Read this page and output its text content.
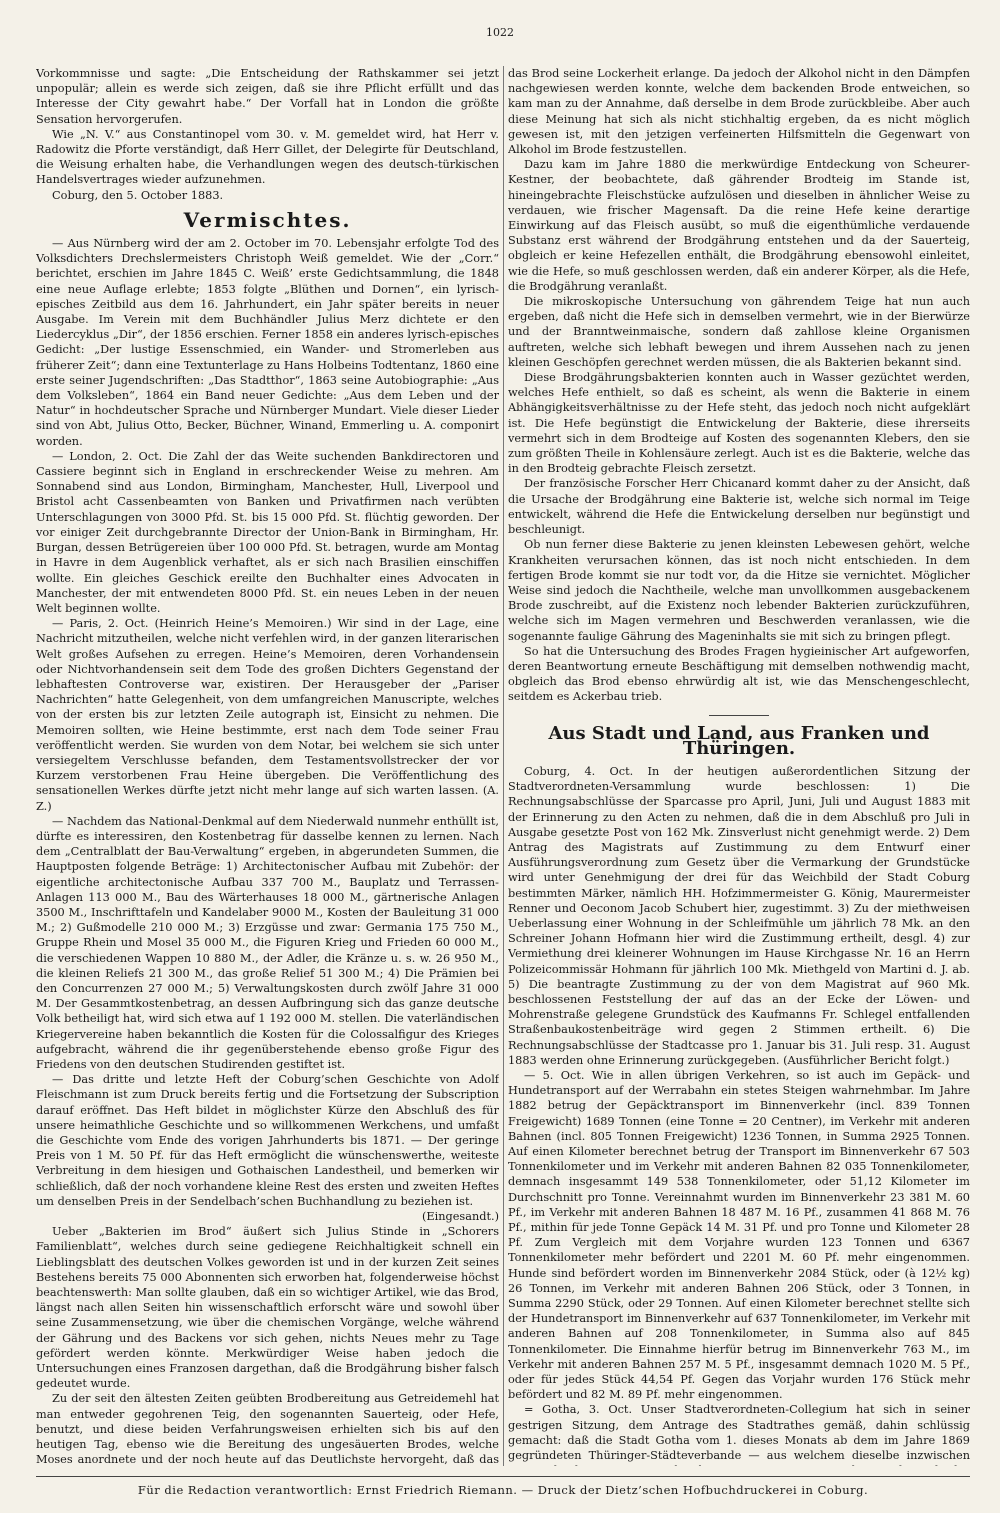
1022

Vorkommnisse und sagte: „Die Entscheidung der Rathskammer sei jetzt unpopulär; allein es werde sich zeigen, daß sie ihre Pflicht erfüllt und das Interesse der City gewahrt habe.“ Der Vorfall hat in London die größte Sensation hervorgerufen.

Wie „N. V.“ aus Constantinopel vom 30. v. M. gemeldet wird, hat Herr v. Radowitz die Pforte verständigt, daß Herr Gillet, der Delegirte für Deutschland, die Weisung erhalten habe, die Verhandlungen wegen des deutsch-türkischen Handelsvertrages wieder aufzunehmen.

Coburg, den 5. October 1883.

Vermischtes.

— Aus Nürnberg wird der am 2. October im 70. Lebensjahr erfolgte Tod des Volksdichters Drechslermeisters Christoph Weiß gemeldet. Wie der „Corr.“ berichtet, erschien im Jahre 1845 C. Weiß’ erste Gedichtsammlung, die 1848 eine neue Auflage erlebte; 1853 folgte „Blüthen und Dornen“, ein lyrisch-episches Zeitbild aus dem 16. Jahrhundert, ein Jahr später bereits in neuer Ausgabe. Im Verein mit dem Buchhändler Julius Merz dichtete er den Liedercyklus „Dir“, der 1856 erschien. Ferner 1858 ein anderes lyrisch-episches Gedicht: „Der lustige Essenschmied, ein Wander- und Stromerleben aus früherer Zeit“; dann eine Textunterlage zu Hans Holbeins Todtentanz, 1860 eine erste seiner Jugendschriften: „Das Stadtthor“, 1863 seine Autobiographie: „Aus dem Volksleben“, 1864 ein Band neuer Gedichte: „Aus dem Leben und der Natur“ in hochdeutscher Sprache und Nürnberger Mundart. Viele dieser Lieder sind von Abt, Julius Otto, Becker, Büchner, Winand, Emmerling u. A. componirt worden.

— London, 2. Oct. Die Zahl der das Weite suchenden Bankdirectoren und Cassiere beginnt sich in England in erschreckender Weise zu mehren. Am Sonnabend sind aus London, Birmingham, Manchester, Hull, Liverpool und Bristol acht Cassenbeamten von Banken und Privatfirmen nach verübten Unterschlagungen von 3000 Pfd. St. bis 15 000 Pfd. St. flüchtig geworden. Der vor einiger Zeit durchgebrannte Director der Union-Bank in Birmingham, Hr. Burgan, dessen Betrügereien über 100 000 Pfd. St. betragen, wurde am Montag in Havre in dem Augenblick verhaftet, als er sich nach Brasilien einschiffen wollte. Ein gleiches Geschick ereilte den Buchhalter eines Advocaten in Manchester, der mit entwendeten 8000 Pfd. St. ein neues Leben in der neuen Welt beginnen wollte.

— Paris, 2. Oct. (Heinrich Heine’s Memoiren.) Wir sind in der Lage, eine Nachricht mitzutheilen, welche nicht verfehlen wird, in der ganzen literarischen Welt großes Aufsehen zu erregen. Heine’s Memoiren, deren Vorhandensein oder Nichtvorhandensein seit dem Tode des großen Dichters Gegenstand der lebhaftesten Controverse war, existiren. Der Herausgeber der „Pariser Nachrichten“ hatte Gelegenheit, von dem umfangreichen Manuscripte, welches von der ersten bis zur letzten Zeile autograph ist, Einsicht zu nehmen. Die Memoiren sollten, wie Heine bestimmte, erst nach dem Tode seiner Frau veröffentlicht werden. Sie wurden von dem Notar, bei welchem sie sich unter versiegeltem Verschlusse befanden, dem Testamentsvollstrecker der vor Kurzem verstorbenen Frau Heine übergeben. Die Veröffentlichung des sensationellen Werkes dürfte jetzt nicht mehr lange auf sich warten lassen. (A. Z.)

— Nachdem das National-Denkmal auf dem Niederwald nunmehr enthüllt ist, dürfte es interessiren, den Kostenbetrag für dasselbe kennen zu lernen. Nach dem „Centralblatt der Bau-Verwaltung“ ergeben, in abgerundeten Summen, die Hauptposten folgende Beträge: 1) Architectonischer Aufbau mit Zubehör: der eigentliche architectonische Aufbau 337 700 M., Bauplatz und Terrassen-Anlagen 113 000 M., Bau des Wärterhauses 18 000 M., gärtnerische Anlagen 3500 M., Inschrifttafeln und Kandelaber 9000 M., Kosten der Bauleitung 31 000 M.; 2) Gußmodelle 210 000 M.; 3) Erzgüsse und zwar: Germania 175 750 M., Gruppe Rhein und Mosel 35 000 M., die Figuren Krieg und Frieden 60 000 M., die verschiedenen Wappen 10 880 M., der Adler, die Kränze u. s. w. 26 950 M., die kleinen Reliefs 21 300 M., das große Relief 51 300 M.; 4) Die Prämien bei den Concurrenzen 27 000 M.; 5) Verwaltungskosten durch zwölf Jahre 31 000 M. Der Gesammtkostenbetrag, an dessen Aufbringung sich das ganze deutsche Volk betheiligt hat, wird sich etwa auf 1 192 000 M. stellen. Die vaterländischen Kriegervereine haben bekanntlich die Kosten für die Colossalfigur des Krieges aufgebracht, während die ihr gegenüberstehende ebenso große Figur des Friedens von den deutschen Studirenden gestiftet ist.

— Das dritte und letzte Heft der Coburg’schen Geschichte von Adolf Fleischmann ist zum Druck bereits fertig und die Fortsetzung der Subscription darauf eröffnet. Das Heft bildet in möglichster Kürze den Abschluß des für unsere heimathliche Geschichte und so willkommenen Werkchens, und umfaßt die Geschichte vom Ende des vorigen Jahrhunderts bis 1871. — Der geringe Preis von 1 M. 50 Pf. für das Heft ermöglicht die wünschenswerthe, weiteste Verbreitung in dem hiesigen und Gothaischen Landestheil, und bemerken wir schließlich, daß der noch vorhandene kleine Rest des ersten und zweiten Heftes um denselben Preis in der Sendelbach’schen Buchhandlung zu beziehen ist.

(Eingesandt.)

Ueber „Bakterien im Brod“ äußert sich Julius Stinde in „Schorers Familienblatt“, welches durch seine gediegene Reichhaltigkeit schnell ein Lieblingsblatt des deutschen Volkes geworden ist und in der kurzen Zeit seines Bestehens bereits 75 000 Abonnenten sich erworben hat, folgenderweise höchst beachtenswerth: Man sollte glauben, daß ein so wichtiger Artikel, wie das Brod, längst nach allen Seiten hin wissenschaftlich erforscht wäre und sowohl über seine Zusammensetzung, wie über die chemischen Vorgänge, welche während der Gährung und des Backens vor sich gehen, nichts Neues mehr zu Tage gefördert werden könnte. Merkwürdiger Weise haben jedoch die Untersuchungen eines Franzosen dargethan, daß die Brodgährung bisher falsch gedeutet wurde.

Zu der seit den ältesten Zeiten geübten Brodbereitung aus Getreidemehl hat man entweder gegohrenen Teig, den sogenannten Sauerteig, oder Hefe, benutzt, und diese beiden Verfahrungsweisen erhielten sich bis auf den heutigen Tag, ebenso wie die Bereitung des ungesäuerten Brodes, welche Moses anordnete und der noch heute auf das Deutlichste hervorgeht, daß das

das Brod seine Lockerheit erlange. Da jedoch der Alkohol nicht in den Dämpfen nachgewiesen werden konnte, welche dem backenden Brode entweichen, so kam man zu der Annahme, daß derselbe in dem Brode zurückbleibe. Aber auch diese Meinung hat sich als nicht stichhaltig ergeben, da es nicht möglich gewesen ist, mit den jetzigen verfeinerten Hilfsmitteln die Gegenwart von Alkohol im Brode festzustellen.

Dazu kam im Jahre 1880 die merkwürdige Entdeckung von Scheurer-Kestner, der beobachtete, daß gährender Brodteig im Stande ist, hineingebrachte Fleischstücke aufzulösen und dieselben in ähnlicher Weise zu verdauen, wie frischer Magensaft. Da die reine Hefe keine derartige Einwirkung auf das Fleisch ausübt, so muß die eigenthümliche verdauende Substanz erst während der Brodgährung entstehen und da der Sauerteig, obgleich er keine Hefezellen enthält, die Brodgährung ebensowohl einleitet, wie die Hefe, so muß geschlossen werden, daß ein anderer Körper, als die Hefe, die Brodgährung veranlaßt.

Die mikroskopische Untersuchung von gährendem Teige hat nun auch ergeben, daß nicht die Hefe sich in demselben vermehrt, wie in der Bierwürze und der Branntweinmaische, sondern daß zahllose kleine Organismen auftreten, welche sich lebhaft bewegen und ihrem Aussehen nach zu jenen kleinen Geschöpfen gerechnet werden müssen, die als Bakterien bekannt sind.

Diese Brodgährungsbakterien konnten auch in Wasser gezüchtet werden, welches Hefe enthielt, so daß es scheint, als wenn die Bakterie in einem Abhängigkeitsverhältnisse zu der Hefe steht, das jedoch noch nicht aufgeklärt ist. Die Hefe begünstigt die Entwickelung der Bakterie, diese ihrerseits vermehrt sich in dem Brodteige auf Kosten des sogenannten Klebers, den sie zum größten Theile in Kohlensäure zerlegt. Auch ist es die Bakterie, welche das in den Brodteig gebrachte Fleisch zersetzt.

Der französische Forscher Herr Chicanard kommt daher zu der Ansicht, daß die Ursache der Brodgährung eine Bakterie ist, welche sich normal im Teige entwickelt, während die Hefe die Entwickelung derselben nur begünstigt und beschleunigt.

Ob nun ferner diese Bakterie zu jenen kleinsten Lebewesen gehört, welche Krankheiten verursachen können, das ist noch nicht entschieden. In dem fertigen Brode kommt sie nur todt vor, da die Hitze sie vernichtet. Möglicher Weise sind jedoch die Nachtheile, welche man unvollkommen ausgebackenem Brode zuschreibt, auf die Existenz noch lebender Bakterien zurückzuführen, welche sich im Magen vermehren und Beschwerden veranlassen, wie die sogenannte faulige Gährung des Mageninhalts sie mit sich zu bringen pflegt.

So hat die Untersuchung des Brodes Fragen hygieinischer Art aufgeworfen, deren Beantwortung erneute Beschäftigung mit demselben nothwendig macht, obgleich das Brod ebenso ehrwürdig alt ist, wie das Menschengeschlecht, seitdem es Ackerbau trieb.

Aus Stadt und Land, aus Franken und Thüringen.

Coburg, 4. Oct. In der heutigen außerordentlichen Sitzung der Stadtverordneten-Versammlung wurde beschlossen: 1) Die Rechnungsabschlüsse der Sparcasse pro April, Juni, Juli und August 1883 mit der Erinnerung zu den Acten zu nehmen, daß die in dem Abschluß pro Juli in Ausgabe gesetzte Post von 162 Mk. Zinsverlust nicht genehmigt werde. 2) Dem Antrag des Magistrats auf Zustimmung zu dem Entwurf einer Ausführungsverordnung zum Gesetz über die Vermarkung der Grundstücke wird unter Genehmigung der drei für das Weichbild der Stadt Coburg bestimmten Märker, nämlich HH. Hofzimmermeister G. König, Maurermeister Renner und Oeconom Jacob Schubert hier, zugestimmt. 3) Zu der miethweisen Ueberlassung einer Wohnung in der Schleifmühle um jährlich 78 Mk. an den Schreiner Johann Hofmann hier wird die Zustimmung ertheilt, desgl. 4) zur Vermiethung drei kleinerer Wohnungen im Hause Kirchgasse Nr. 16 an Herrn Polizeicommissär Hohmann für jährlich 100 Mk. Miethgeld von Martini d. J. ab. 5) Die beantragte Zustimmung zu der von dem Magistrat auf 960 Mk. beschlossenen Feststellung der auf das an der Ecke der Löwen- und Mohrenstraße gelegene Grundstück des Kaufmanns Fr. Schlegel entfallenden Straßenbaukostenbeiträge wird gegen 2 Stimmen ertheilt. 6) Die Rechnungsabschlüsse der Stadtcasse pro 1. Januar bis 31. Juli resp. 31. August 1883 werden ohne Erinnerung zurückgegeben. (Ausführlicher Bericht folgt.)

— 5. Oct. Wie in allen übrigen Verkehren, so ist auch im Gepäck- und Hundetransport auf der Werrabahn ein stetes Steigen wahrnehmbar. Im Jahre 1882 betrug der Gepäcktransport im Binnenverkehr (incl. 839 Tonnen Freigewicht) 1689 Tonnen (eine Tonne = 20 Centner), im Verkehr mit anderen Bahnen (incl. 805 Tonnen Freigewicht) 1236 Tonnen, in Summa 2925 Tonnen. Auf einen Kilometer berechnet betrug der Transport im Binnenverkehr 67 503 Tonnenkilometer und im Verkehr mit anderen Bahnen 82 035 Tonnenkilometer, demnach insgesammt 149 538 Tonnenkilometer, oder 51,12 Kilometer im Durchschnitt pro Tonne. Vereinnahmt wurden im Binnenverkehr 23 381 M. 60 Pf., im Verkehr mit anderen Bahnen 18 487 M. 16 Pf., zusammen 41 868 M. 76 Pf., mithin für jede Tonne Gepäck 14 M. 31 Pf. und pro Tonne und Kilometer 28 Pf. Zum Vergleich mit dem Vorjahre wurden 123 Tonnen und 6367 Tonnenkilometer mehr befördert und 2201 M. 60 Pf. mehr eingenommen. Hunde sind befördert worden im Binnenverkehr 2084 Stück, oder (à 12½ kg) 26 Tonnen, im Verkehr mit anderen Bahnen 206 Stück, oder 3 Tonnen, in Summa 2290 Stück, oder 29 Tonnen. Auf einen Kilometer berechnet stellte sich der Hundetransport im Binnenverkehr auf 637 Tonnenkilometer, im Verkehr mit anderen Bahnen auf 208 Tonnenkilometer, in Summa also auf 845 Tonnenkilometer. Die Einnahme hierfür betrug im Binnenverkehr 763 M., im Verkehr mit anderen Bahnen 257 M. 5 Pf., insgesammt demnach 1020 M. 5 Pf., oder für jedes Stück 44,54 Pf. Gegen das Vorjahr wurden 176 Stück mehr befördert und 82 M. 89 Pf. mehr eingenommen.

= Gotha, 3. Oct. Unser Stadtverordneten-Collegium hat sich in seiner gestrigen Sitzung, dem Antrage des Stadtrathes gemäß, dahin schlüssig gemacht: daß die Stadt Gotha vom 1. dieses Monats ab dem im Jahre 1869 gegründeten Thüringer-Städteverbande — aus welchem dieselbe inzwischen

Für die Redaction verantwortlich: Ernst Friedrich Riemann. — Druck der Dietz’schen Hofbuchdruckerei in Coburg.
